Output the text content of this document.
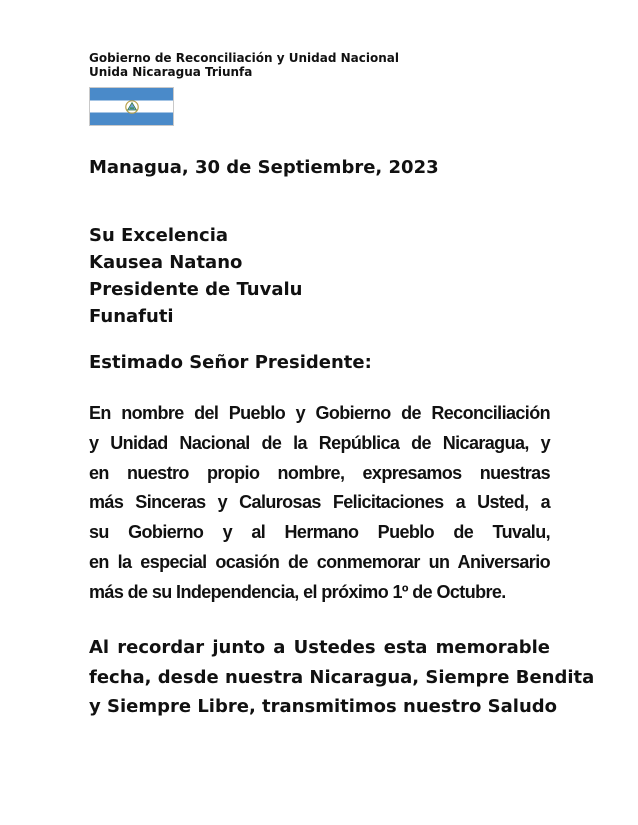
Gobierno de Reconciliación y Unidad Nacional
Unida Nicaragua Triunfa
Managua, 30 de Septiembre, 2023
Su Excelencia
Kausea Natano
Presidente de Tuvalu
Funafuti
Estimado Señor Presidente:
En nombre del Pueblo y Gobierno de Reconciliación
y Unidad Nacional de la República de Nicaragua, y
en nuestro propio nombre, expresamos nuestras
más Sinceras y Calurosas Felicitaciones a Usted, a
su Gobierno y al Hermano Pueblo de Tuvalu,
en la especial ocasión de conmemorar un Aniversario
más de su Independencia, el próximo 1º de Octubre.
Al recordar junto a Ustedes esta memorable
fecha, desde nuestra Nicaragua, Siempre Bendita
y Siempre Libre, transmitimos nuestro Saludo
